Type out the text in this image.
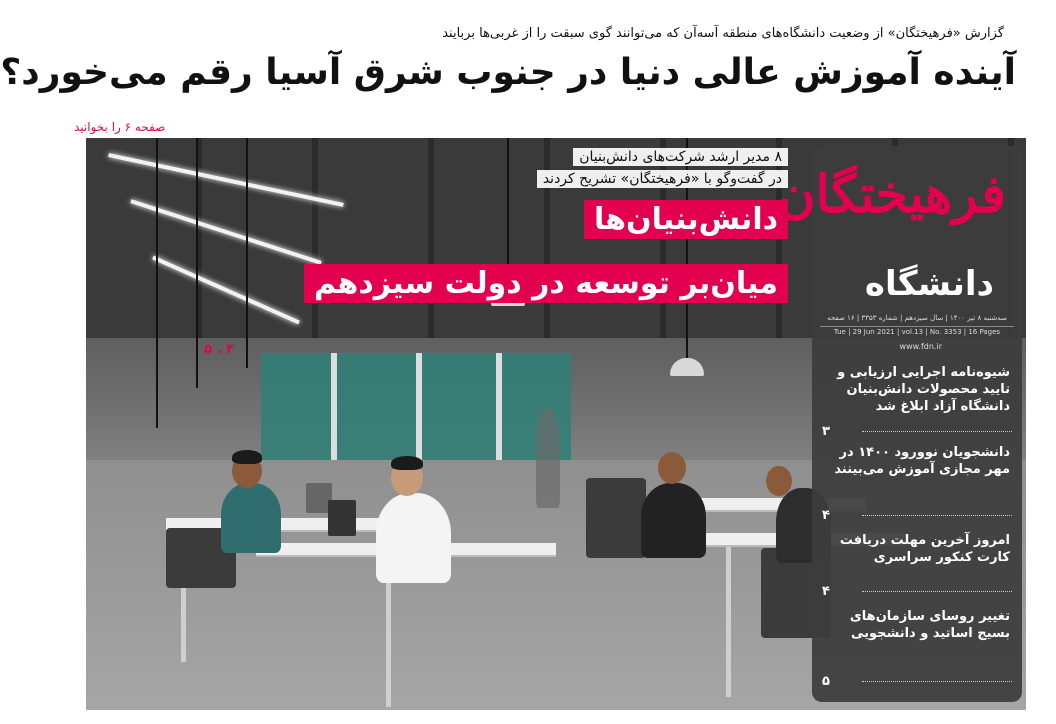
گزارش «فرهیختگان» از وضعیت دانشگاه‌های منطقه آسه‌آن که می‌توانند گوی سبقت را از غربی‌ها بربایند
آینده آموزش عالی دنیا در جنوب شرق آسیا رقم می‌خورد؟
صفحه ۶ را بخوانید
۸ مدیر ارشد شرکت‌های دانش‌بنیان
در گفت‌وگو با «فرهیختگان» تشریح کردند
دانش‌بنیان‌ها
میان‌بر توسعه در دولت سیزدهم
۴ . ۵
فرهیختگان
دانشگاه
سه‌شنبه ۸ تیر ۱۴۰۰ | سال سیزدهم | شماره ۳۳۵۳ | ۱۶ صفحه
Tue | 29 Jun 2021 | vol.13 | No. 3353 | 16 Pages
www.fdn.ir
شیوه‌نامه اجرایی ارزیابی و تایید محصولات دانش‌بنیان دانشگاه آزاد ابلاغ شد
۳
دانشجویان نوورود ۱۴۰۰ در مهر مجازی آموزش می‌بینند
۴
امروز آخرین مهلت دریافت کارت کنکور سراسری
۴
تغییر روسای سازمان‌های بسیج اساتید و دانشجویی
۵
